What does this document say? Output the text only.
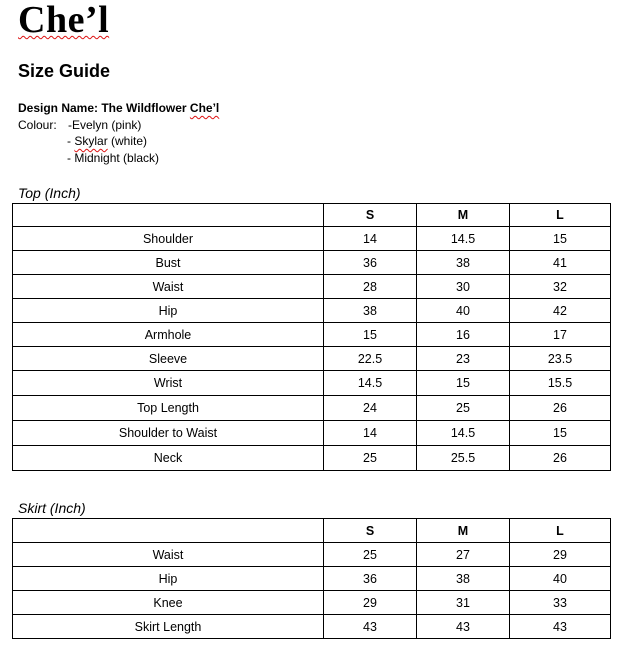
Che’l
Size Guide
Design Name: The Wildflower Che’l
Colour: -Evelyn (pink)
- Skylar (white)
- Midnight (black)
Top (Inch)
	S	M	L
Shoulder	14	14.5	15
Bust	36	38	41
Waist	28	30	32
Hip	38	40	42
Armhole	15	16	17
Sleeve	22.5	23	23.5
Wrist	14.5	15	15.5
Top Length	24	25	26
Shoulder to Waist	14	14.5	15
Neck	25	25.5	26
Skirt (Inch)
	S	M	L
Waist	25	27	29
Hip	36	38	40
Knee	29	31	33
Skirt Length	43	43	43
